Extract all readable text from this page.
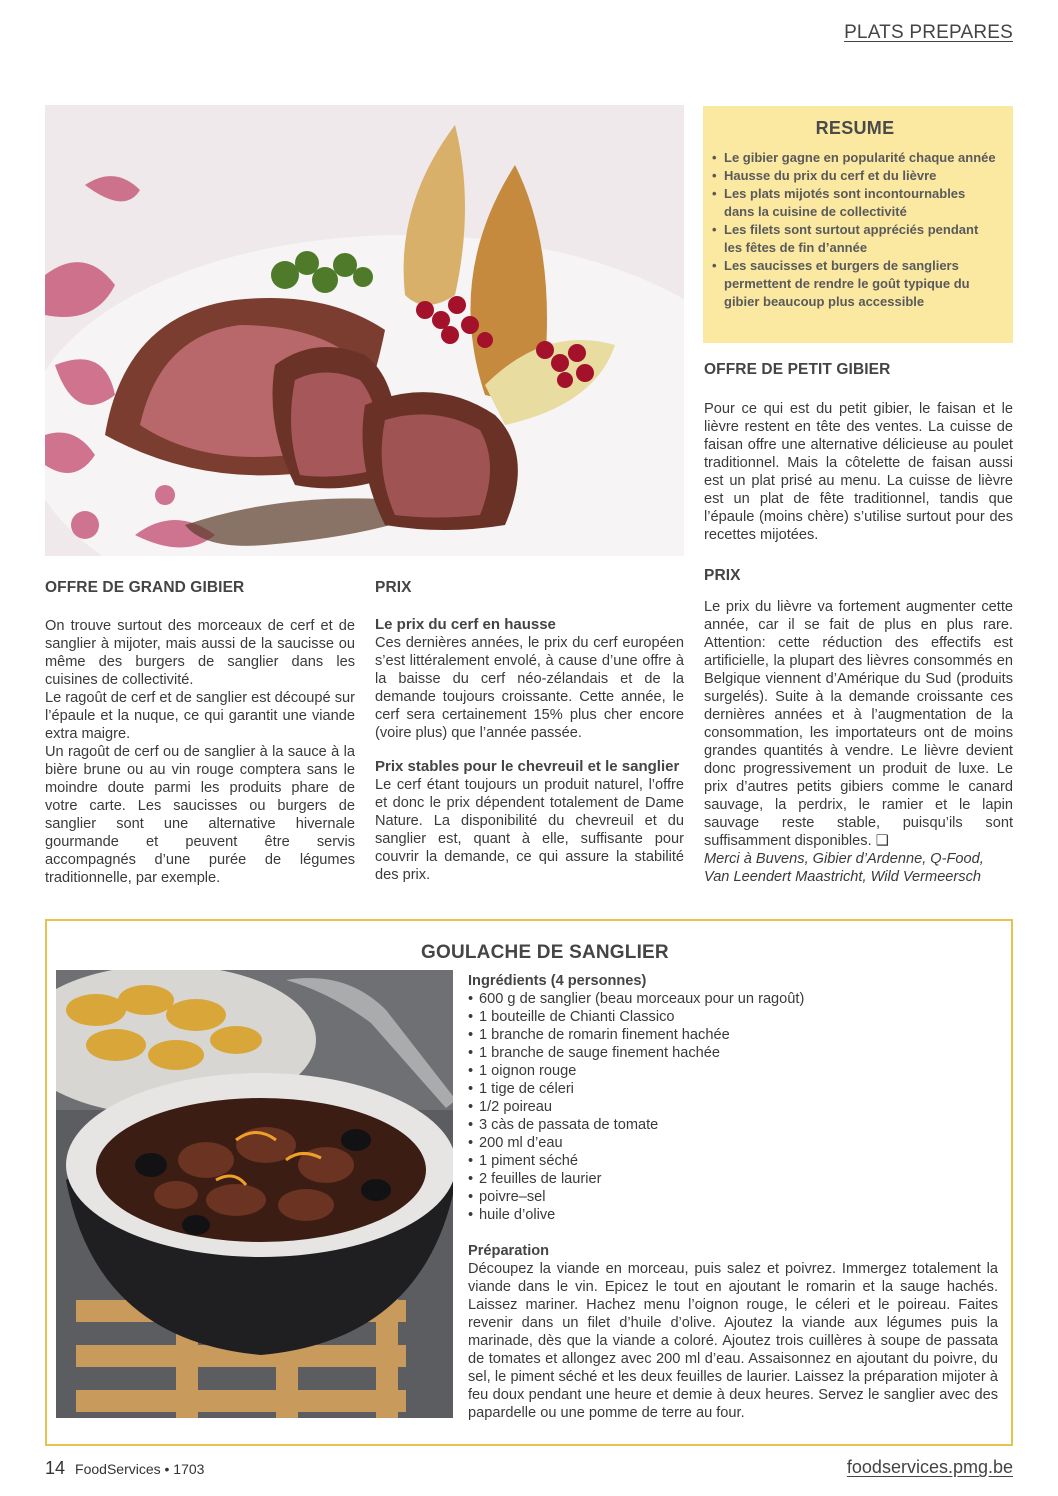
PLATS PREPARES
RESUME
• Le gibier gagne en popularité chaque année
• Hausse du prix du cerf et du lièvre
• Les plats mijotés sont incontournables dans la cuisine de collectivité
• Les filets sont surtout appréciés pendant les fêtes de fin d’année
• Les saucisses et burgers de sangliers permettent de rendre le goût typique du gibier beaucoup plus accessible
OFFRE DE PETIT GIBIER

Pour ce qui est du petit gibier, le faisan et le lièvre restent en tête des ventes. La cuisse de faisan offre une alternative délicieuse au poulet traditionnel. Mais la côtelette de faisan aussi est un plat prisé au menu. La cuisse de lièvre est un plat de fête traditionnel, tandis que l’épaule (moins chère) s’utilise surtout pour des recettes mijotées.

PRIX

Le prix du lièvre va fortement augmenter cette année, car il se fait de plus en plus rare. Attention: cette réduction des effectifs est artificielle, la plupart des lièvres consommés en Belgique viennent d’Amérique du Sud (produits surgelés). Suite à la demande croissante ces dernières années et à l’augmentation de la consommation, les importateurs ont de moins grandes quantités à vendre. Le lièvre devient donc progressivement un produit de luxe. Le prix d’autres petits gibiers comme le canard sauvage, la perdrix, le ramier et le lapin sauvage reste stable, puisqu’ils sont suffisamment disponibles. ❑

Merci à Buvens, Gibier d’Ardenne, Q-Food, Van Leendert Maastricht, Wild Vermeersch

OFFRE DE GRAND GIBIER

On trouve surtout des morceaux de cerf et de sanglier à mijoter, mais aussi de la saucisse ou même des burgers de sanglier dans les cuisines de collectivité.

Le ragoût de cerf et de sanglier est découpé sur l’épaule et la nuque, ce qui garantit une viande extra maigre.

Un ragoût de cerf ou de sanglier à la sauce à la bière brune ou au vin rouge comptera sans le moindre doute parmi les produits phare de votre carte. Les saucisses ou burgers de sanglier sont une alternative hivernale gourmande et peuvent être servis accompagnés d’une purée de légumes traditionnelle, par exemple.

PRIX
Le prix du cerf en hausse

Ces dernières années, le prix du cerf européen s’est littéralement envolé, à cause d’une offre à la baisse du cerf néo-zélandais et de la demande toujours croissante. Cette année, le cerf sera certainement 15% plus cher encore (voire plus) que l’année passée.

Prix stables pour le chevreuil et le sanglier

Le cerf étant toujours un produit naturel, l’offre et donc le prix dépendent totalement de Dame Nature. La disponibilité du chevreuil et du sanglier est, quant à elle, suffisante pour couvrir la demande, ce qui assure la stabilité des prix.

GOULACHE DE SANGLIER
Ingrédients (4 personnes)
• 600 g de sanglier (beau morceaux pour un ragoût)
• 1 bouteille de Chianti Classico
• 1 branche de romarin finement hachée
• 1 branche de sauge finement hachée
• 1 oignon rouge
• 1 tige de céleri
• 1/2 poireau
• 3 càs de passata de tomate
• 200 ml d’eau
• 1 piment séché
• 2 feuilles de laurier
• poivre–sel
• huile d’olive
Préparation

Découpez la viande en morceau, puis salez et poivrez. Immergez totalement la viande dans le vin. Epicez le tout en ajoutant le romarin et la sauge hachés. Laissez mariner. Hachez menu l’oignon rouge, le céleri et le poireau. Faites revenir dans un filet d’huile d’olive. Ajoutez la viande aux légumes puis la marinade, dès que la viande a coloré. Ajoutez trois cuillères à soupe de passata de tomates et allongez avec 200 ml d’eau. Assaisonnez en ajoutant du poivre, du sel, le piment séché et les deux feuilles de laurier. Laissez la préparation mijoter à feu doux pendant une heure et demie à deux heures. Servez le sanglier avec des papardelle ou une pomme de terre au four.

14 FoodServices • 1703	foodservices.pmg.be
